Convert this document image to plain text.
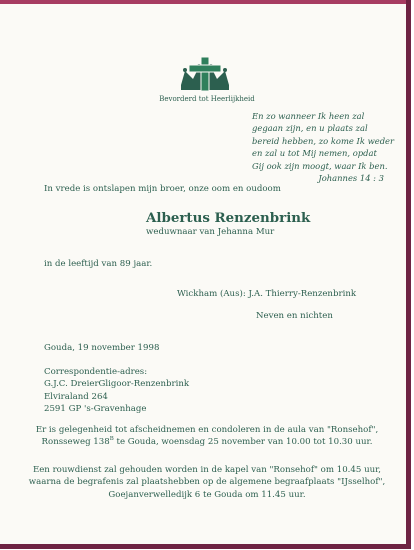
Bevorderd tot Heerlijkheid
En zo wanneer Ik heen zal
gegaan zijn, en u plaats zal
bereid hebben, zo kome Ik weder
en zal u tot Mij nemen, opdat
Gij ook zijn moogt, waar Ik ben.
Johannes 14 : 3
In vrede is ontslapen mijn broer, onze oom en oudoom
Albertus Renzenbrink
weduwnaar van Jehanna Mur
in de leeftijd van 89 jaar.
Wickham (Aus): J.A. Thierry-Renzenbrink
Neven en nichten
Gouda, 19 november 1998
Correspondentie-adres:
G.J.C. DreierGligoor-Renzenbrink
Elviraland 264
2591 GP 's-Gravenhage
Er is gelegenheid tot afscheidnemen en condoleren in de aula van "Ronsehof",
Ronsseweg $138^B$ te Gouda, woensdag 25 november van 10.00 tot 10.30 uur.
Een rouwdienst zal gehouden worden in de kapel van "Ronsehof" om 10.45 uur,
waarna de begrafenis zal plaatshebben op de algemene begraafplaats "IJsselhof",
Goejanverwelledijk 6 te Gouda om 11.45 uur.
